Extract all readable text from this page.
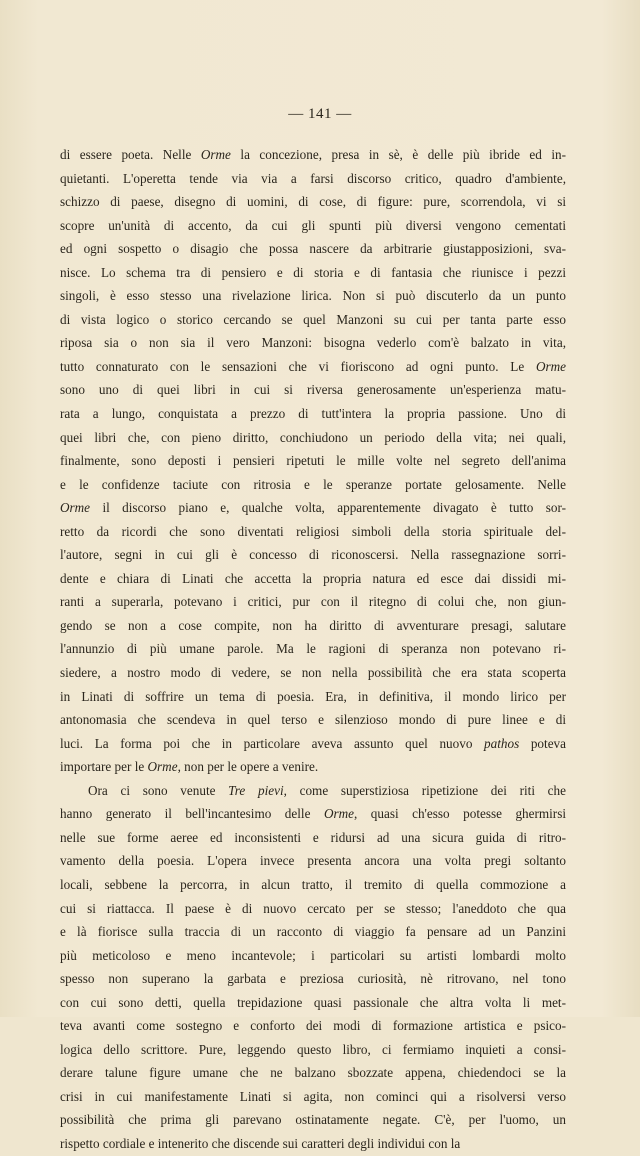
— 141 —
di essere poeta. Nelle Orme la concezione, presa in sè, è delle più ibride ed in-
quietanti. L'operetta tende via via a farsi discorso critico, quadro d'ambiente,
schizzo di paese, disegno di uomini, di cose, di figure: pure, scorrendola, vi si
scopre un'unità di accento, da cui gli spunti più diversi vengono cementati
ed ogni sospetto o disagio che possa nascere da arbitrarie giustapposizioni, sva-
nisce. Lo schema tra di pensiero e di storia e di fantasia che riunisce i pezzi
singoli, è esso stesso una rivelazione lirica. Non si può discuterlo da un punto
di vista logico o storico cercando se quel Manzoni su cui per tanta parte esso
riposa sia o non sia il vero Manzoni: bisogna vederlo com'è balzato in vita,
tutto connaturato con le sensazioni che vi fioriscono ad ogni punto. Le Orme
sono uno di quei libri in cui si riversa generosamente un'esperienza matu-
rata a lungo, conquistata a prezzo di tutt'intera la propria passione. Uno di
quei libri che, con pieno diritto, conchiudono un periodo della vita; nei quali,
finalmente, sono deposti i pensieri ripetuti le mille volte nel segreto dell'anima
e le confidenze taciute con ritrosia e le speranze portate gelosamente. Nelle
Orme il discorso piano e, qualche volta, apparentemente divagato è tutto sor-
retto da ricordi che sono diventati religiosi simboli della storia spirituale del-
l'autore, segni in cui gli è concesso di riconoscersi. Nella rassegnazione sorri-
dente e chiara di Linati che accetta la propria natura ed esce dai dissidi mi-
ranti a superarla, potevano i critici, pur con il ritegno di colui che, non giun-
gendo se non a cose compite, non ha diritto di avventurare presagi, salutare
l'annunzio di più umane parole. Ma le ragioni di speranza non potevano ri-
siedere, a nostro modo di vedere, se non nella possibilità che era stata scoperta
in Linati di soffrire un tema di poesia. Era, in definitiva, il mondo lirico per
antonomasia che scendeva in quel terso e silenzioso mondo di pure linee e di
luci. La forma poi che in particolare aveva assunto quel nuovo pathos poteva
importare per le Orme, non per le opere a venire.
Ora ci sono venute Tre pievi, come superstiziosa ripetizione dei riti che
hanno generato il bell'incantesimo delle Orme, quasi ch'esso potesse ghermirsi
nelle sue forme aeree ed inconsistenti e ridursi ad una sicura guida di ritro-
vamento della poesia. L'opera invece presenta ancora una volta pregi soltanto
locali, sebbene la percorra, in alcun tratto, il tremito di quella commozione a
cui si riattacca. Il paese è di nuovo cercato per se stesso; l'aneddoto che qua
e là fiorisce sulla traccia di un racconto di viaggio fa pensare ad un Panzini
più meticoloso e meno incantevole; i particolari su artisti lombardi molto
spesso non superano la garbata e preziosa curiosità, nè ritrovano, nel tono
con cui sono detti, quella trepidazione quasi passionale che altra volta li met-
teva avanti come sostegno e conforto dei modi di formazione artistica e psico-
logica dello scrittore. Pure, leggendo questo libro, ci fermiamo inquieti a consi-
derare talune figure umane che ne balzano sbozzate appena, chiedendoci se la
crisi in cui manifestamente Linati si agita, non cominci qui a risolversi verso
possibilità che prima gli parevano ostinatamente negate. C'è, per l'uomo, un
rispetto cordiale e intenerito che discende sui caratteri degli individui con la
